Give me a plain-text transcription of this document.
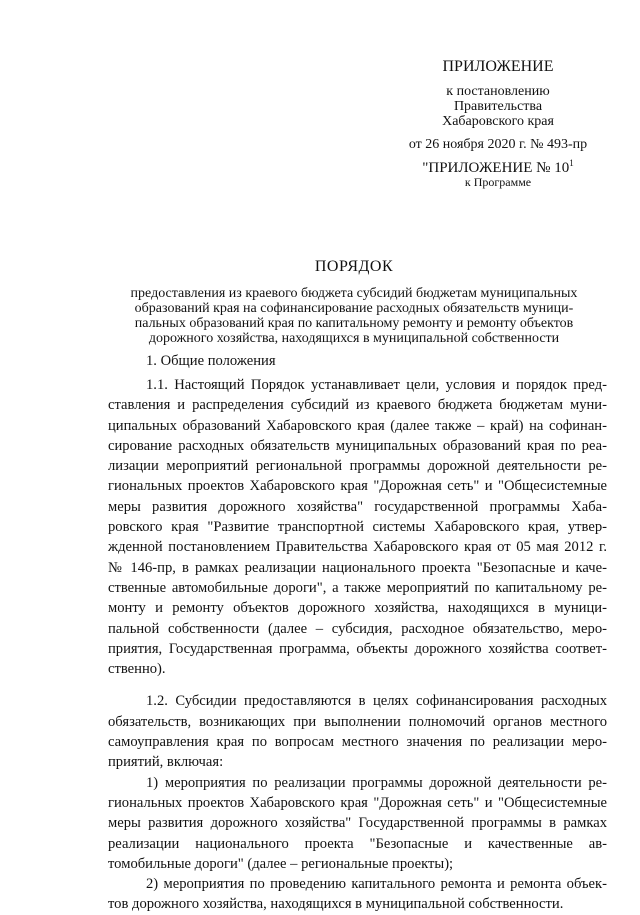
ПРИЛОЖЕНИЕ
к постановлению
Правительства
Хабаровского края
от 26 ноября 2020 г. № 493-пр
"ПРИЛОЖЕНИЕ № $10^1$
к Программе
ПОРЯДОК
предоставления из краевого бюджета субсидий бюджетам муниципальных
образований края на софинансирование расходных обязательств муници-
пальных образований края по капитальному ремонту и ремонту объектов
дорожного хозяйства, находящихся в муниципальной собственности
1. Общие положения

1.1. Настоящий Порядок устанавливает цели, условия и порядок представления и распределения субсидий из краевого бюджета бюджетам муниципальных образований Хабаровского края (далее также – край) на софинансирование расходных обязательств муниципальных образований края по реализации мероприятий региональной программы дорожной деятельности региональных проектов Хабаровского края "Дорожная сеть" и "Общесистемные меры развития дорожного хозяйства" государственной программы Хабаровского края "Развитие транспортной системы Хабаровского края, утвержденной постановлением Правительства Хабаровского края от 05 мая 2012 г. № 146-пр, в рамках реализации национального проекта "Безопасные и качественные автомобильные дороги", а также мероприятий по капитальному ремонту и ремонту объектов дорожного хозяйства, находящихся в муниципальной собственности (далее – субсидия, расходное обязательство, мероприятия, Государственная программа, объекты дорожного хозяйства соответственно).

1.2. Субсидии предоставляются в целях софинансирования расходных обязательств, возникающих при выполнении полномочий органов местного самоуправления края по вопросам местного значения по реализации мероприятий, включая:

1) мероприятия по реализации программы дорожной деятельности региональных проектов Хабаровского края "Дорожная сеть" и "Общесистемные меры развития дорожного хозяйства" Государственной программы в рамках реализации национального проекта "Безопасные и качественные автомобильные дороги" (далее – региональные проекты);

2) мероприятия по проведению капитального ремонта и ремонта объектов дорожного хозяйства, находящихся в муниципальной собственности.
